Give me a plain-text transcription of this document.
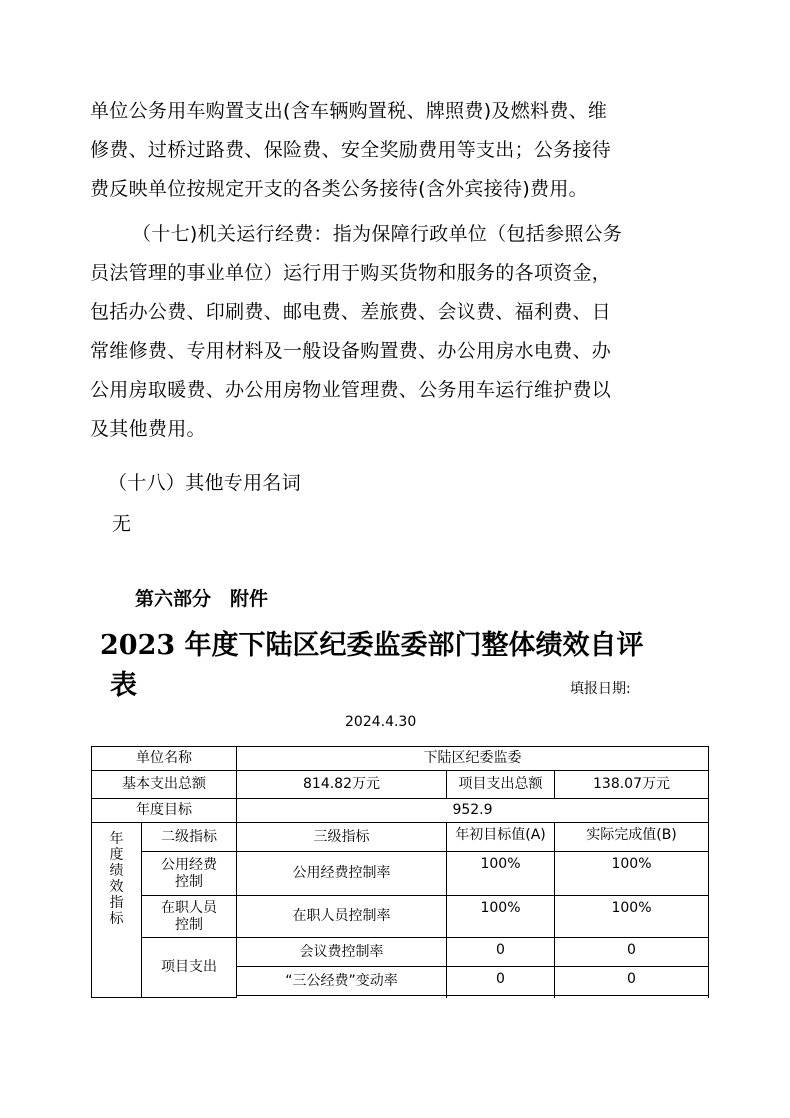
单位公务用车购置支出(含车辆购置税、牌照费)及燃料费、维
修费、过桥过路费、保险费、安全奖励费用等支出；公务接待
费反映单位按规定开支的各类公务接待(含外宾接待)费用。
（十七)机关运行经费：指为保障行政单位（包括参照公务
员法管理的事业单位）运行用于购买货物和服务的各项资金，
包括办公费、印刷费、邮电费、差旅费、会议费、福利费、日
常维修费、专用材料及一般设备购置费、办公用房水电费、办
公用房取暖费、办公用房物业管理费、公务用车运行维护费以
及其他费用。
（十八）其他专用名词
无
第六部分　附件
2023 年度下陆区纪委监委部门整体绩效自评
表	填报日期:
2024.4.30
单位名称		下陆区纪委监委		
基本支出总额		814.82万元	项目支出总额	138.07万元
年度目标		952.9		
年度绩效指标	二级指标	三级指标	年初目标值(A)	实际完成值(B)
	公用经费控制	公用经费控制率	100%	100%
	在职人员控制	在职人员控制率	100%	100%
	项目支出	会议费控制率	0	0
		“三公经费”变动率	0	0
